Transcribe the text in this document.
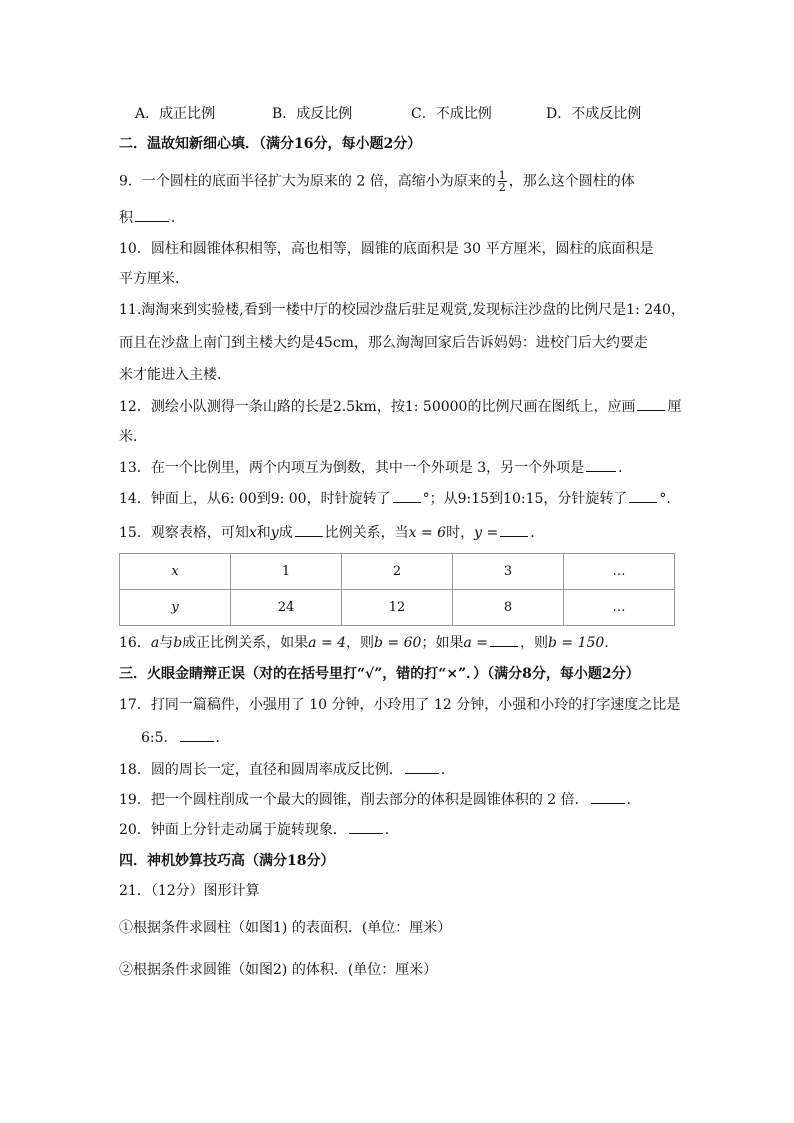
A．成正比例	B．成反比例	C．不成比例	D．不成反比例
二．温故知新细心填．（满分16分，每小题2分）
9．一个圆柱的底面半径扩大为原来的 2 倍，高缩小为原来的 $\frac{1}{2}$ ，那么这个圆柱的体
积	．
10．圆柱和圆锥体积相等，高也相等，圆锥的底面积是 30 平方厘米，圆柱的底面积是
平方厘米．
11.淘淘来到实验楼,看到一楼中厅的校园沙盘后驻足观赏,发现标注沙盘的比例尺是1: 240，
而且在沙盘上南门到主楼大约是45cm，那么淘淘回家后告诉妈妈：进校门后大约要走
米才能进入主楼．
12．测绘小队测得一条山路的长是2.5km，按1: 50000的比例尺画在图纸上，应画 厘
米．
13．在一个比例里，两个内项互为倒数，其中一个外项是 3，另一个外项是 ．
14．钟面上，从6: 00到9: 00，时针旋转了 °；从9:15到10:15，分针旋转了 °．
15．观察表格，可知x和y成 比例关系，当x = 6时，y = ．
x	1	2	3	…
y	24	12	8	…
16．a与b成正比例关系，如果a = 4，则b = 60；如果a = ，则b = 150．
三．火眼金睛辩正误（对的在括号里打“√”，错的打“×”．）（满分8分，每小题2分）
17．打同一篇稿件，小强用了 10 分钟，小玲用了 12 分钟，小强和小玲的打字速度之比是
6:5．	．
18．圆的周长一定，直径和圆周率成反比例．	．
19．把一个圆柱削成一个最大的圆锥，削去部分的体积是圆锥体积的 2 倍．	．
20．钟面上分针走动属于旋转现象．	．
四．神机妙算技巧高（满分18分）
21．（12分）图形计算
①根据条件求圆柱（如图1) 的表面积．(单位：厘米）
②根据条件求圆锥（如图2) 的体积．(单位：厘米）
